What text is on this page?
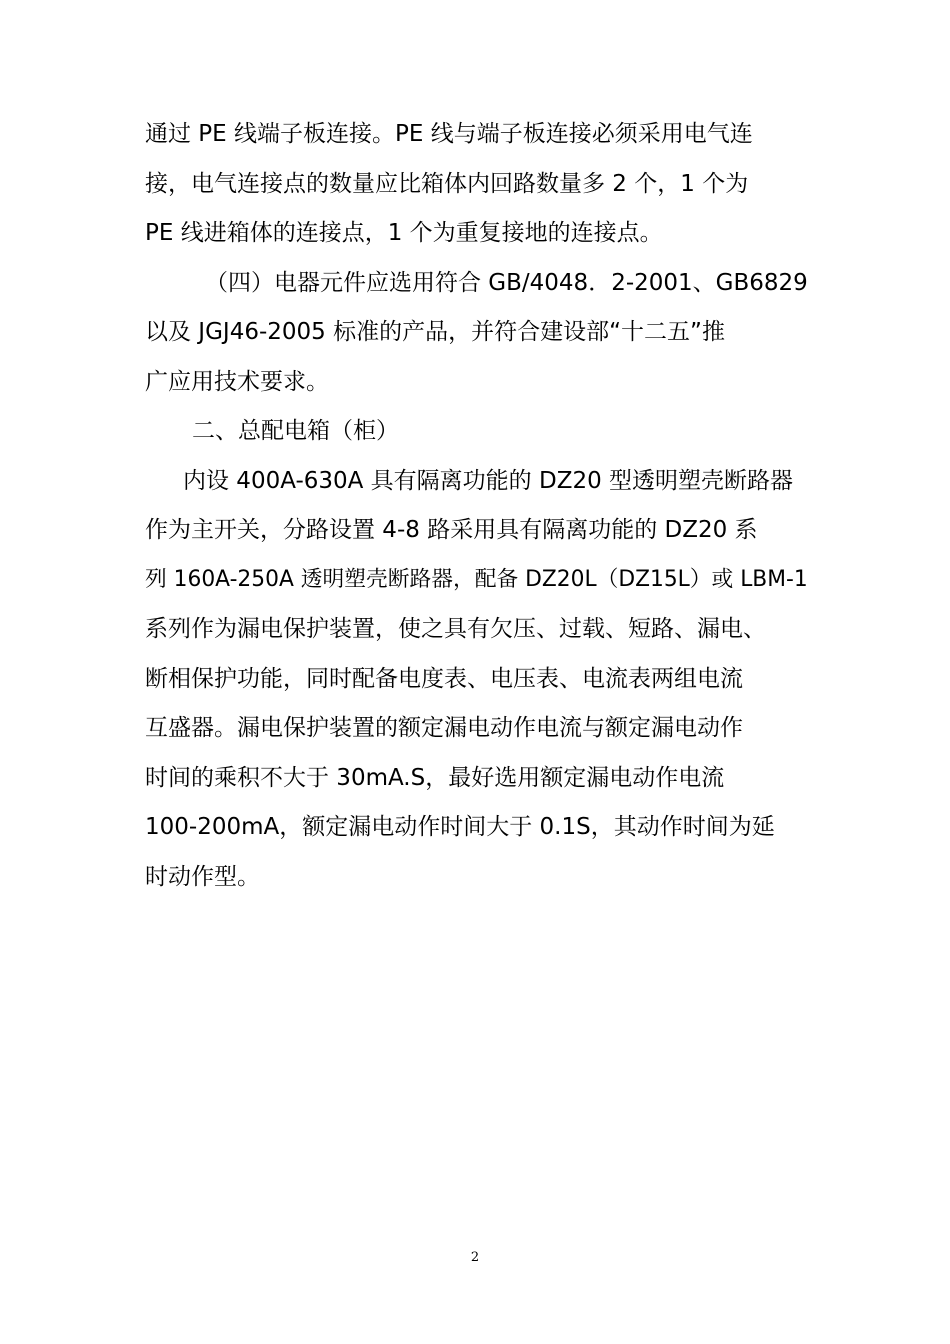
通过 PE 线端子板连接。PE 线与端子板连接必须采用电气连
接，电气连接点的数量应比箱体内回路数量多 2 个，1 个为
PE 线进箱体的连接点，1 个为重复接地的连接点。
（四）电器元件应选用符合 GB/4048．2-2001、GB6829
以及 JGJ46-2005 标准的产品，并符合建设部“十二五”推
广应用技术要求。
二、总配电箱（柜）
内设 400A-630A 具有隔离功能的 DZ20 型透明塑壳断路器
作为主开关，分路设置 4-8 路采用具有隔离功能的 DZ20 系
列 160A-250A 透明塑壳断路器，配备 DZ20L（DZ15L）或 LBM-1
系列作为漏电保护装置，使之具有欠压、过载、短路、漏电、
断相保护功能，同时配备电度表、电压表、电流表两组电流
互盛器。漏电保护装置的额定漏电动作电流与额定漏电动作
时间的乘积不大于 30mA.S，最好选用额定漏电动作电流
100-200mA，额定漏电动作时间大于 0.1S，其动作时间为延
时动作型。
2
